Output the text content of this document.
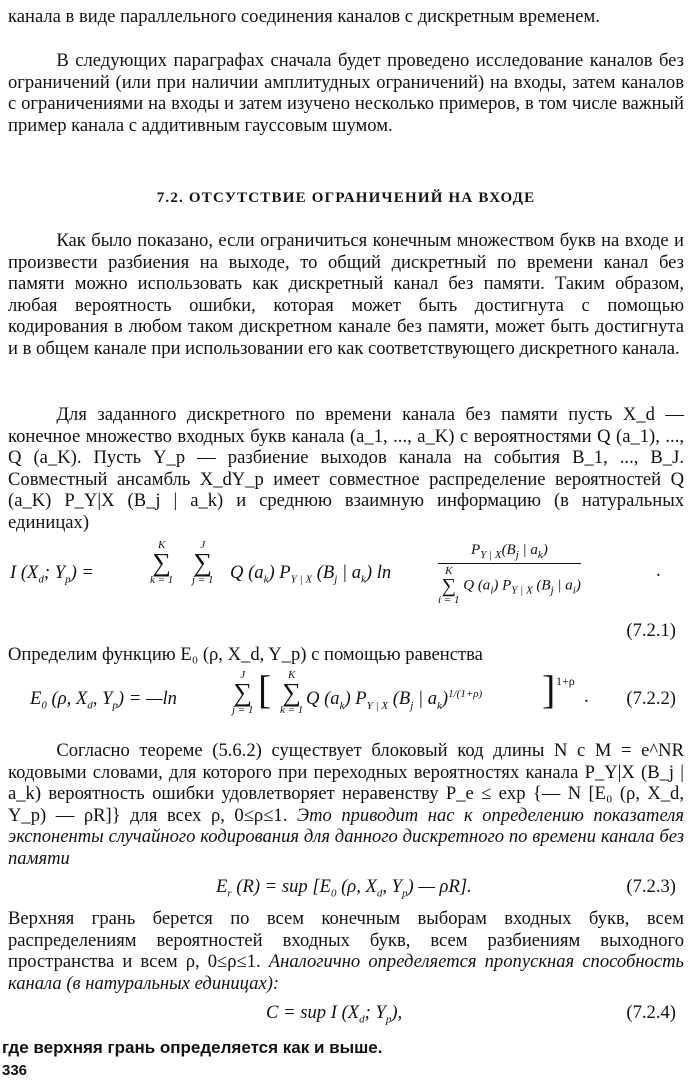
канала в виде параллельного соединения каналов с дискретным временем.

В следующих параграфах сначала будет проведено исследование каналов без ограничений (или при наличии амплитудных ограничений) на входы, затем каналов с ограничениями на входы и затем изучено несколько примеров, в том числе важный пример канала с аддитивным гауссовым шумом.

7.2. ОТСУТСТВИЕ ОГРАНИЧЕНИЙ НА ВХОДЕ

Как было показано, если ограничиться конечным множеством букв на входе и произвести разбиения на выходе, то общий дискретный по времени канал без памяти можно использовать как дискретный канал без памяти. Таким образом, любая вероятность ошибки, которая может быть достигнута с помощью кодирования в любом таком дискретном канале без памяти, может быть достигнута и в общем канале при использовании его как соответствующего дискретного канала.

Для заданного дискретного по времени канала без памяти пусть X_d — конечное множество входных букв канала (a_1, ..., a_K) с вероятностями Q (a_1), ..., Q (a_K). Пусть Y_p — разбиение выходов канала на события B_1, ..., B_J. Совместный ансамбль X_dY_p имеет совместное распределение вероятностей Q (a_K) P_Y|X (B_j | a_k) и среднюю взаимную информацию (в натуральных единицах)

I ($X_d$; $Y_p$) =
K
∑
k = 1
J
∑
j = 1 Q $(a_k)$ $P_{Y | X}$ ($B_j$ | $a_k$) ln	$P_{Y | X}(B_j$ | $a_k$)
K
∑
i = 1
Q $(a_i)$ $P_{Y | X}$ ($B_j$ | $a_i$)	.
(7.2.1)

Определим функцию E₀ (ρ, X_d, Y_p) с помощью равенства

$E_0$ (ρ, $X_d$, $Y_p$) = —ln
J
∑
j = 1 [	K
∑
k = 1
Q $(a_k)$ $P_{Y | X}$ ($B_j$ | $a_k)^{1/(1+\rho)}$ ] 1+ρ
. (7.2.2)

Согласно теореме (5.6.2) существует блоковый код длины N с M = e^NR кодовыми словами, для которого при переходных вероятностях канала P_Y|X (B_j | a_k) вероятность ошибки удовлетворяет неравенству P_e ≤ exp {— N [E₀ (ρ, X_d, Y_p) — ρR]} для всех ρ, 0≤ρ≤1. Это приводит нас к определению показателя экспоненты случайного кодирования для данного дискретного по времени канала без памяти

$E_r$ (R) = sup [$E_0$ (ρ, $X_d$, $Y_p$) — ρR].	(7.2.3)

Верхняя грань берется по всем конечным выборам входных букв, всем распределениям вероятностей входных букв, всем разбиениям выходного пространства и всем ρ, 0≤ρ≤1. Аналогично определяется пропускная способность канала (в натуральных единицах):

C = sup I ($X_d$; $Y_p$),	(7.2.4)
где верхняя грань определяется как и выше.
336
